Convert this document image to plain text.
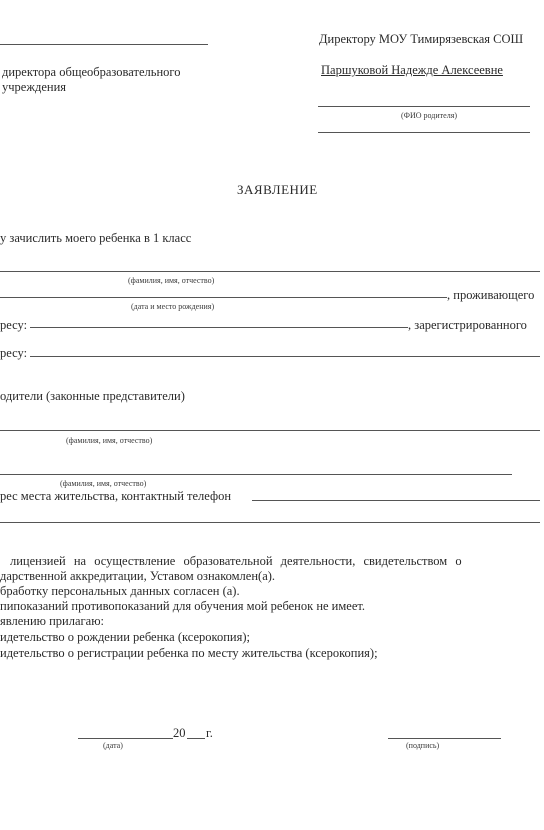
директора общеобразовательного
учреждения
Директору МОУ Тимирязевская СОШ
Паршуковой Надежде Алексеевне
(ФИО родителя)
ЗАЯВЛЕНИЕ
у зачислить моего ребенка в 1 класс
(фамилия, имя, отчество)
, проживающего
(дата и место рождения)
ресу:	, зарегистрированного
ресу:
одители (законные представители)
(фамилия, имя, отчество)
(фамилия, имя, отчество)
рес места жительства, контактный телефон
лицензией на осуществление образовательной деятельности, свидетельством о
дарственной аккредитации, Уставом ознакомлен(а).
бработку персональных данных согласен (а).
пипоказаний противопоказаний для обучения мой ребенок не имеет.
явлению прилагаю:
идетельство о рождении ребенка (ксерокопия);
идетельство о регистрации ребенка по месту жительства (ксерокопия);
20 г.
(дата)	(подпись)
